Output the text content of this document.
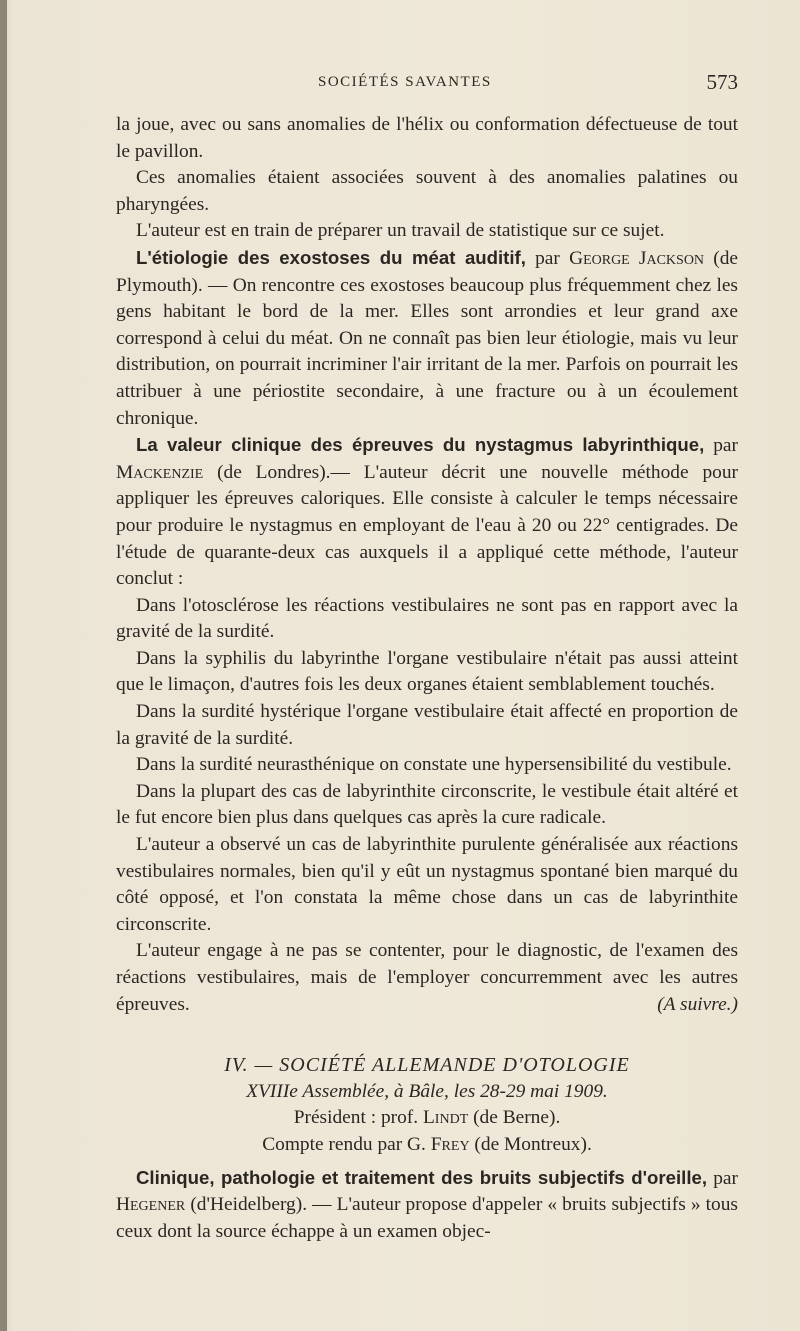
SOCIÉTÉS SAVANTES	573

la joue, avec ou sans anomalies de l'hélix ou conformation défectueuse de tout le pavillon.

Ces anomalies étaient associées souvent à des anomalies palatines ou pharyngées.

L'auteur est en train de préparer un travail de statistique sur ce sujet.

L'étiologie des exostoses du méat auditif, par George Jackson (de Plymouth). — On rencontre ces exostoses beaucoup plus fréquemment chez les gens habitant le bord de la mer. Elles sont arrondies et leur grand axe correspond à celui du méat. On ne connaît pas bien leur étiologie, mais vu leur distribution, on pourrait incriminer l'air irritant de la mer. Parfois on pourrait les attribuer à une périostite secondaire, à une fracture ou à un écoulement chronique.

La valeur clinique des épreuves du nystagmus labyrinthique, par Mackenzie (de Londres).— L'auteur décrit une nouvelle méthode pour appliquer les épreuves caloriques. Elle consiste à calculer le temps nécessaire pour produire le nystagmus en employant de l'eau à 20 ou 22° centigrades. De l'étude de quarante-deux cas auxquels il a appliqué cette méthode, l'auteur conclut :

Dans l'otosclérose les réactions vestibulaires ne sont pas en rapport avec la gravité de la surdité.

Dans la syphilis du labyrinthe l'organe vestibulaire n'était pas aussi atteint que le limaçon, d'autres fois les deux organes étaient semblablement touchés.

Dans la surdité hystérique l'organe vestibulaire était affecté en proportion de la gravité de la surdité.

Dans la surdité neurasthénique on constate une hypersensibilité du vestibule.

Dans la plupart des cas de labyrinthite circonscrite, le vestibule était altéré et le fut encore bien plus dans quelques cas après la cure radicale.

L'auteur a observé un cas de labyrinthite purulente généralisée aux réactions vestibulaires normales, bien qu'il y eût un nystagmus spontané bien marqué du côté opposé, et l'on constata la même chose dans un cas de labyrinthite circonscrite.

L'auteur engage à ne pas se contenter, pour le diagnostic, de l'examen des réactions vestibulaires, mais de l'employer concurremment avec les autres épreuves.	(A suivre.)

IV. — SOCIÉTÉ ALLEMANDE D'OTOLOGIE

XVIIIe Assemblée, à Bâle, les 28-29 mai 1909.

Président : prof. Lindt (de Berne).

Compte rendu par G. Frey (de Montreux).

Clinique, pathologie et traitement des bruits subjectifs d'oreille, par Hegener (d'Heidelberg). — L'auteur propose d'appeler « bruits subjectifs » tous ceux dont la source échappe à un examen objec-
